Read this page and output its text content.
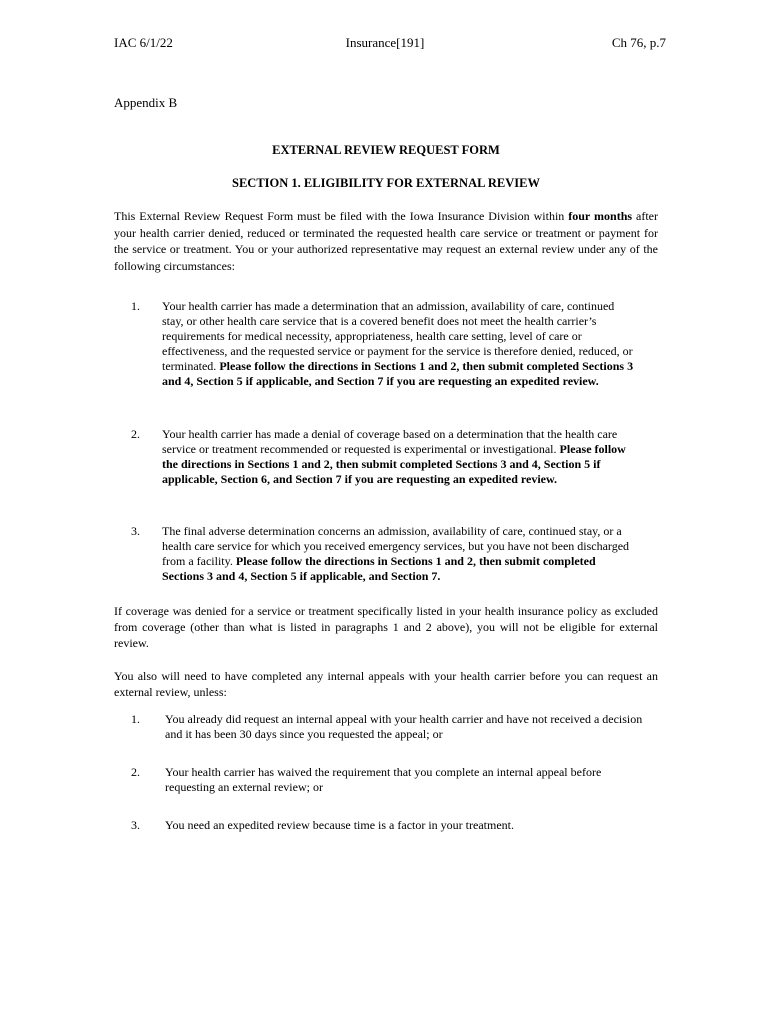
IAC 6/1/22	Insurance[191]	Ch 76, p.7
Appendix B
EXTERNAL REVIEW REQUEST FORM
SECTION 1. ELIGIBILITY FOR EXTERNAL REVIEW
This External Review Request Form must be filed with the Iowa Insurance Division within four months after your health carrier denied, reduced or terminated the requested health care service or treatment or payment for the service or treatment. You or your authorized representative may request an external review under any of the following circumstances:
1. Your health carrier has made a determination that an admission, availability of care, continued stay, or other health care service that is a covered benefit does not meet the health carrier’s requirements for medical necessity, appropriateness, health care setting, level of care or effectiveness, and the requested service or payment for the service is therefore denied, reduced, or terminated. Please follow the directions in Sections 1 and 2, then submit completed Sections 3 and 4, Section 5 if applicable, and Section 7 if you are requesting an expedited review.
2. Your health carrier has made a denial of coverage based on a determination that the health care service or treatment recommended or requested is experimental or investigational. Please follow the directions in Sections 1 and 2, then submit completed Sections 3 and 4, Section 5 if applicable, Section 6, and Section 7 if you are requesting an expedited review.
3. The final adverse determination concerns an admission, availability of care, continued stay, or a health care service for which you received emergency services, but you have not been discharged from a facility. Please follow the directions in Sections 1 and 2, then submit completed Sections 3 and 4, Section 5 if applicable, and Section 7.
If coverage was denied for a service or treatment specifically listed in your health insurance policy as excluded from coverage (other than what is listed in paragraphs 1 and 2 above), you will not be eligible for external review.
You also will need to have completed any internal appeals with your health carrier before you can request an external review, unless:
1. You already did request an internal appeal with your health carrier and have not received a decision and it has been 30 days since you requested the appeal; or
2. Your health carrier has waived the requirement that you complete an internal appeal before requesting an external review; or
3. You need an expedited review because time is a factor in your treatment.
